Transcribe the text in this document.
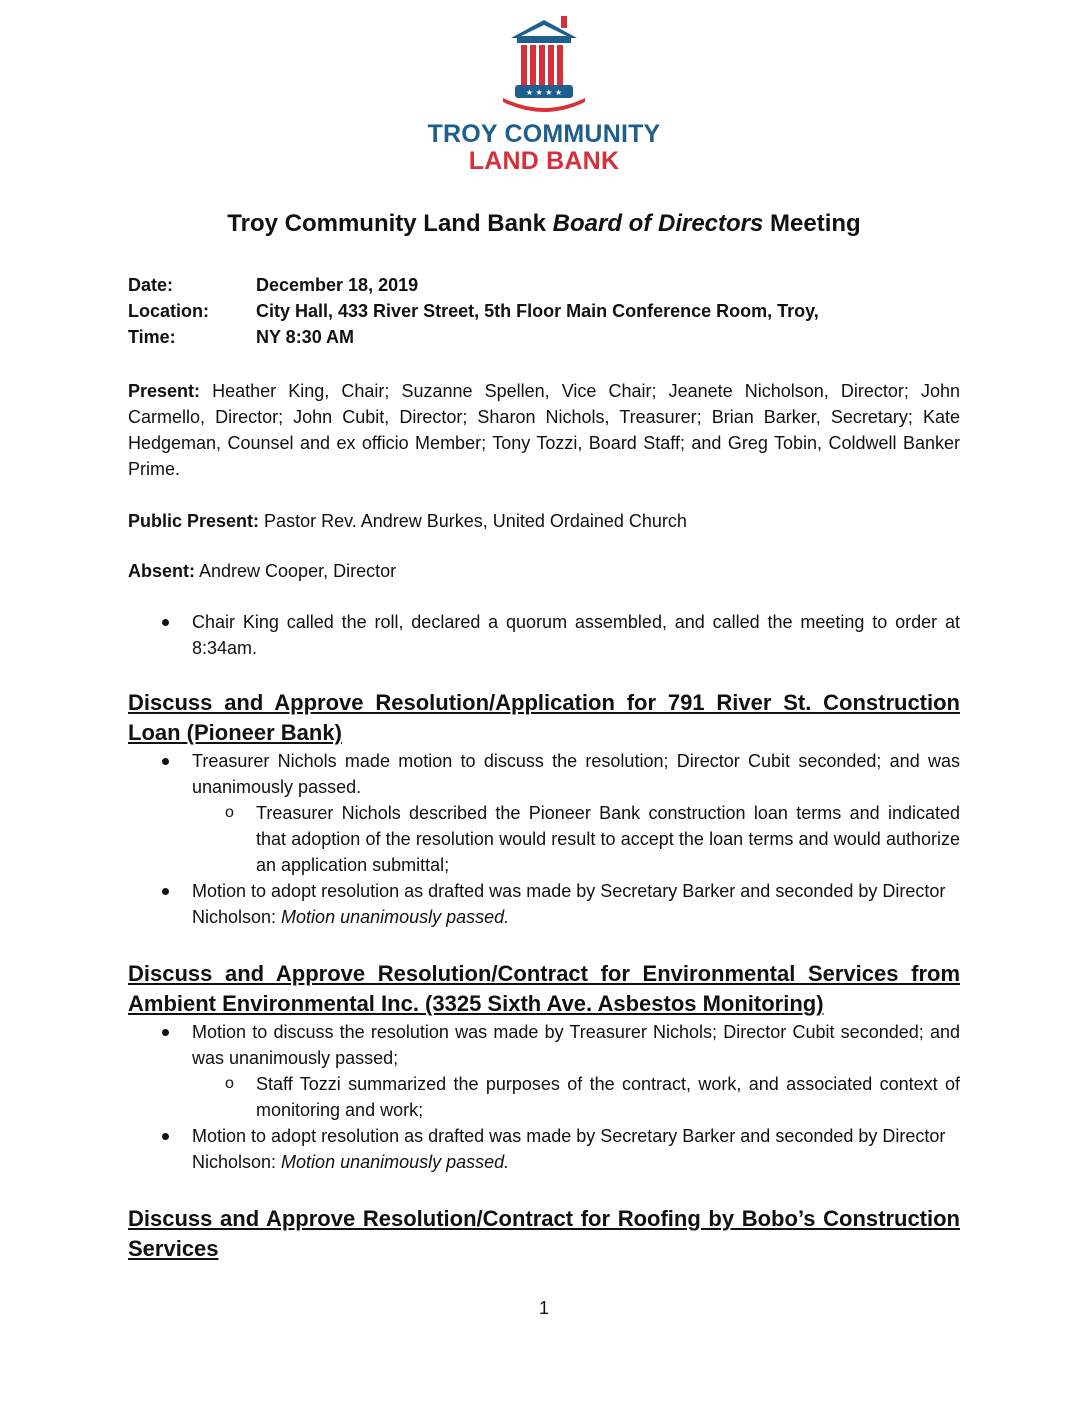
★ ★ ★ ★
TROY COMMUNITY
LAND BANK
Troy Community Land Bank Board of Directors Meeting
Date:	December 18, 2019
Location:	City Hall, 433 River Street, 5th Floor Main Conference Room, Troy,
Time:	NY 8:30 AM

Present: Heather King, Chair; Suzanne Spellen, Vice Chair; Jeanete Nicholson, Director; John Carmello, Director; John Cubit, Director; Sharon Nichols, Treasurer; Brian Barker, Secretary; Kate Hedgeman, Counsel and ex officio Member; Tony Tozzi, Board Staff; and Greg Tobin, Coldwell Banker Prime.

Public Present: Pastor Rev. Andrew Burkes, United Ordained Church

Absent: Andrew Cooper, Director

Chair King called the roll, declared a quorum assembled, and called the meeting to order at 8:34am.
Discuss and Approve Resolution/Application for 791 River St. Construction Loan (Pioneer Bank)
Treasurer Nichols made motion to discuss the resolution; Director Cubit seconded; and was unanimously passed.
o Treasurer Nichols described the Pioneer Bank construction loan terms and indicated that adoption of the resolution would result to accept the loan terms and would authorize an application submittal;
Motion to adopt resolution as drafted was made by Secretary Barker and seconded by Director Nicholson: Motion unanimously passed.
Discuss and Approve Resolution/Contract for Environmental Services from Ambient Environmental Inc. (3325 Sixth Ave. Asbestos Monitoring)
Motion to discuss the resolution was made by Treasurer Nichols; Director Cubit seconded; and was unanimously passed;
o Staff Tozzi summarized the purposes of the contract, work, and associated context of monitoring and work;
Motion to adopt resolution as drafted was made by Secretary Barker and seconded by Director Nicholson: Motion unanimously passed.
Discuss and Approve Resolution/Contract for Roofing by Bobo’s Construction Services
1
